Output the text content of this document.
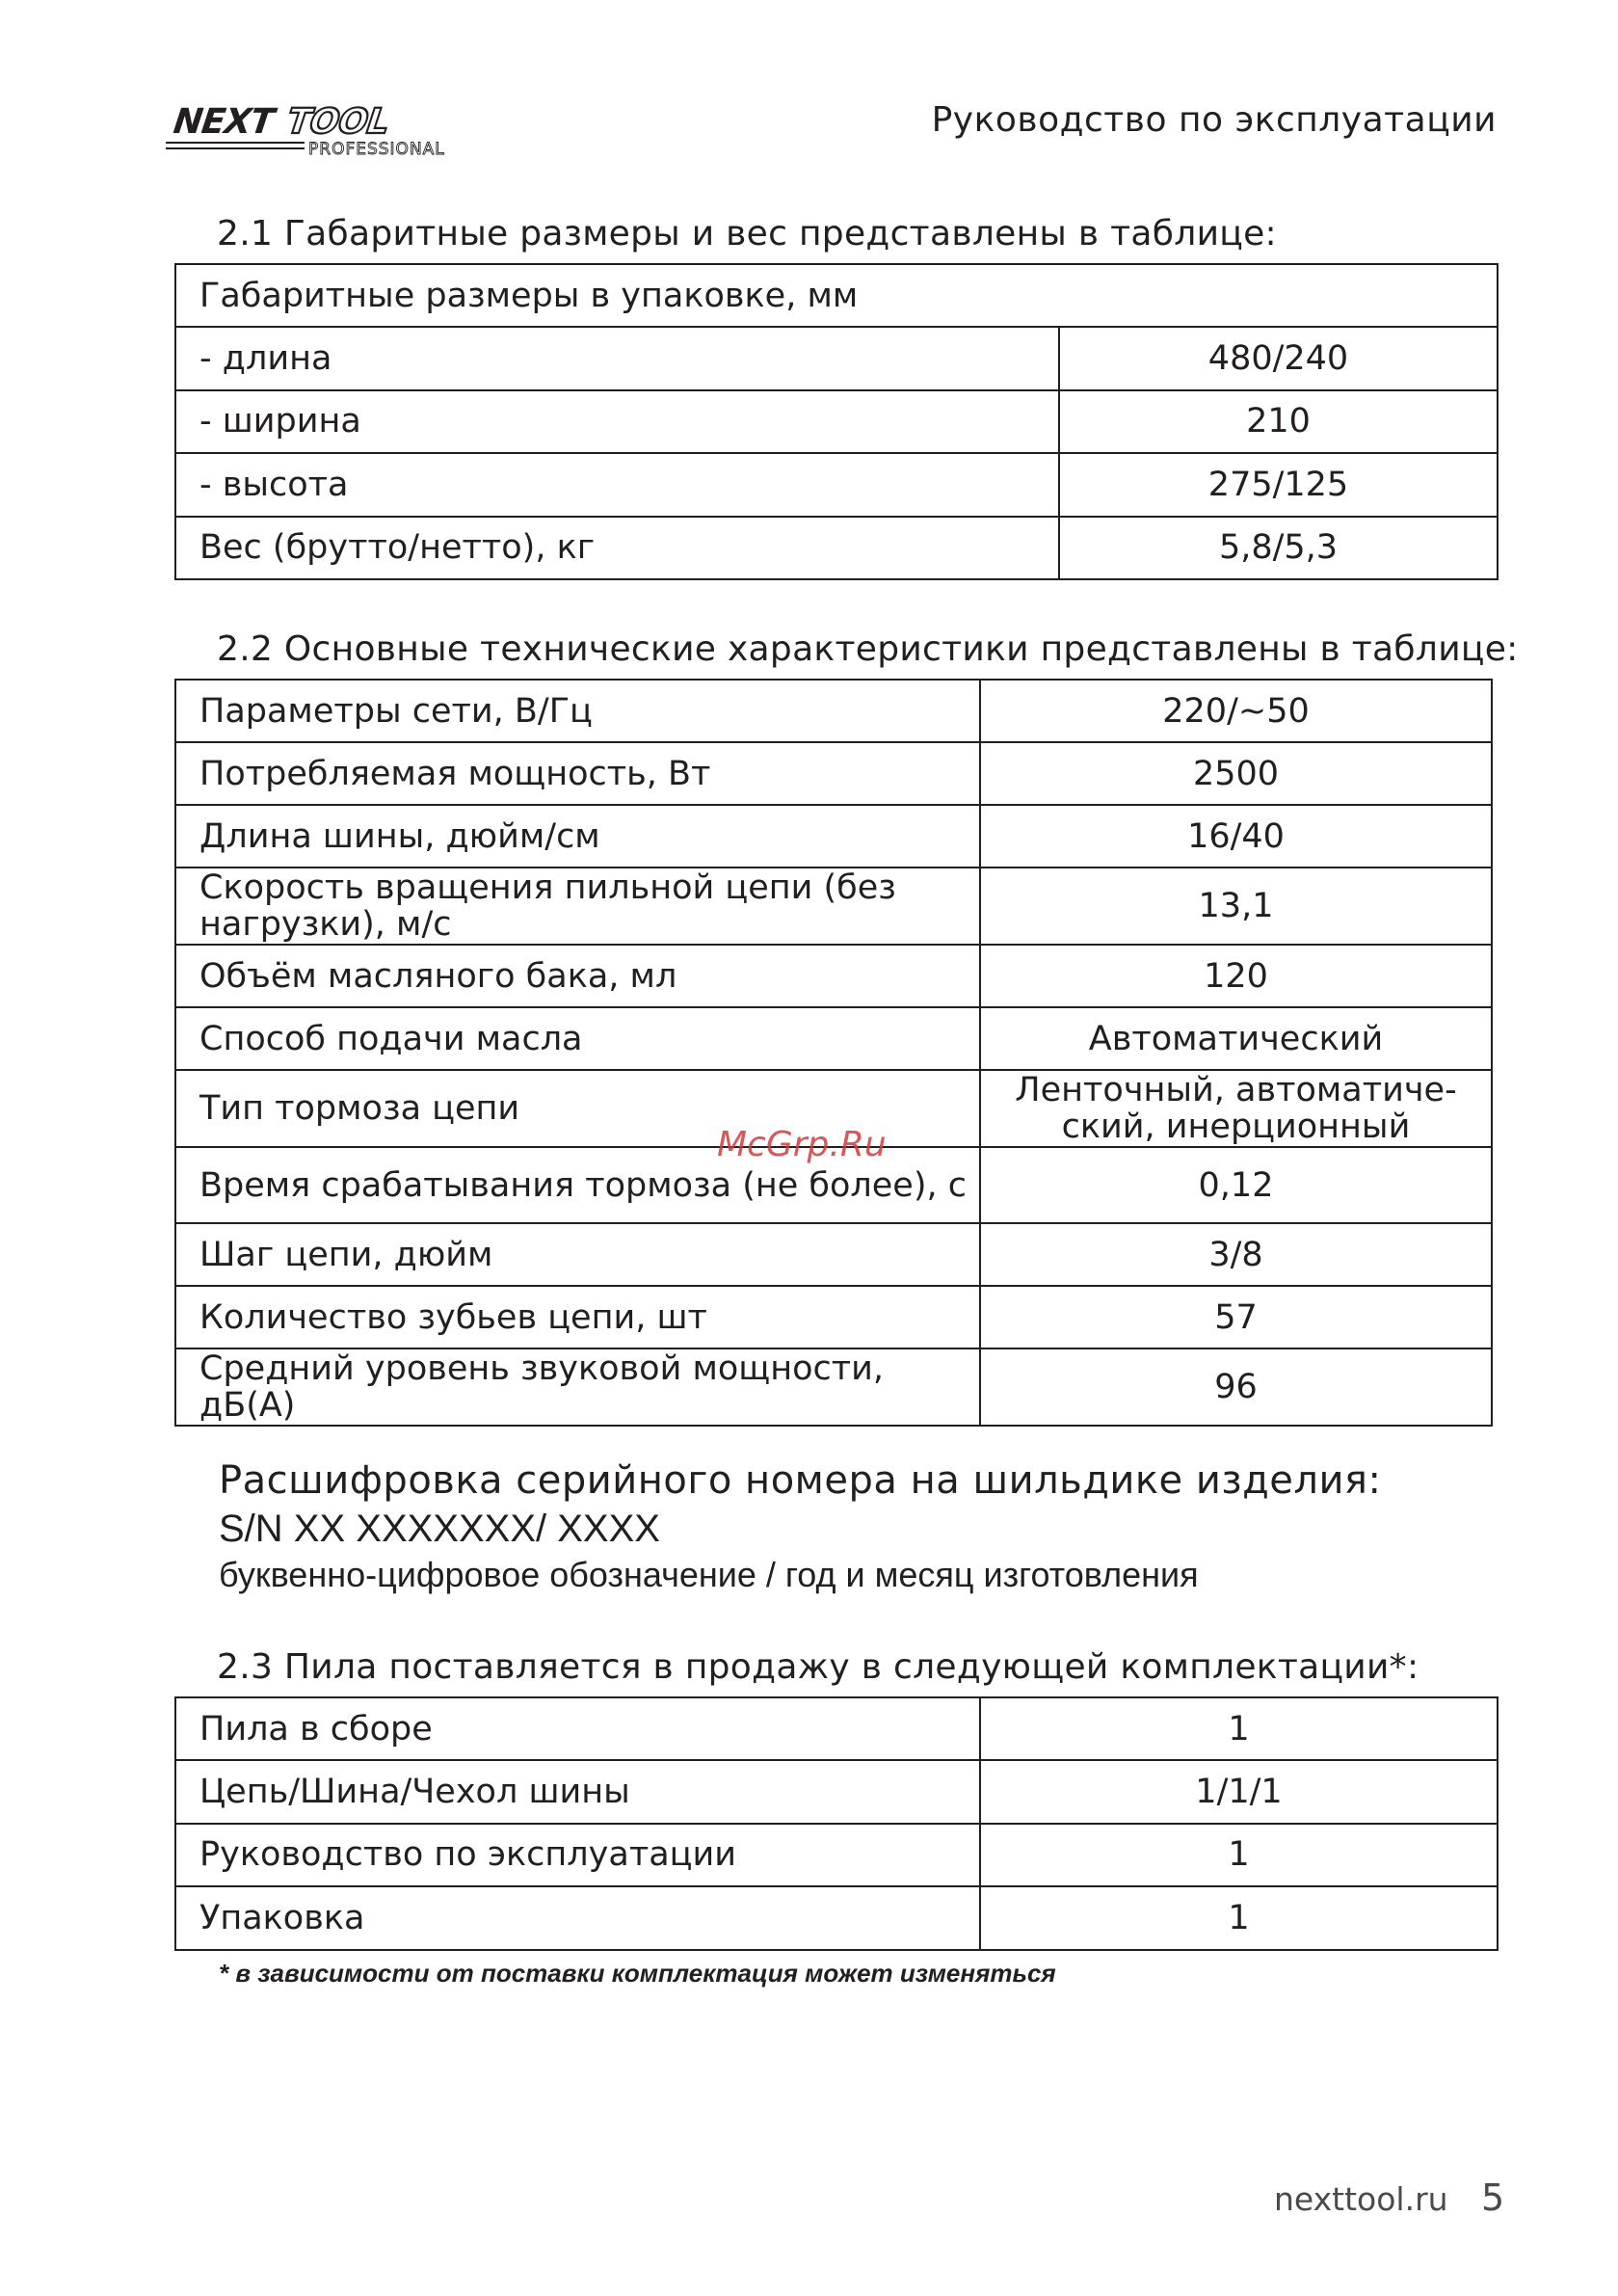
NEXT TOOL
PROFESSIONAL
Руководство по эксплуатации
2.1 Габаритные размеры и вес представлены в таблице:
Габаритные размеры в упаковке, мм	
- длина	480/240
- ширина	210
- высота	275/125
Вес (брутто/нетто), кг	5,8/5,3
2.2 Основные технические характеристики представлены в таблице:
Параметры сети, В/Гц	220/~50
Потребляемая мощность, Вт	2500
Длина шины, дюйм/см	16/40
Скорость вращения пильной цепи (без нагрузки), м/с	13,1
Объём масляного бака, мл	120
Способ подачи масла	Автоматический
Тип тормоза цепи	Ленточный, автоматиче-ский, инерционный
Время срабатывания тормоза (не более), с	0,12
Шаг цепи, дюйм	3/8
Количество зубьев цепи, шт	57
Средний уровень звуковой мощности, дБ(А)	96
McGrp.Ru
Расшифровка серийного номера на шильдике изделия:
S/N XX XXXXXXX/ XXXX
буквенно-цифровое обозначение / год и месяц изготовления
2.3 Пила поставляется в продажу в следующей комплектации*:
Пила в сборе	1
Цепь/Шина/Чехол шины	1/1/1
Руководство по эксплуатации	1
Упаковка	1
* в зависимости от поставки комплектация может изменяться
nexttool.ru 5
